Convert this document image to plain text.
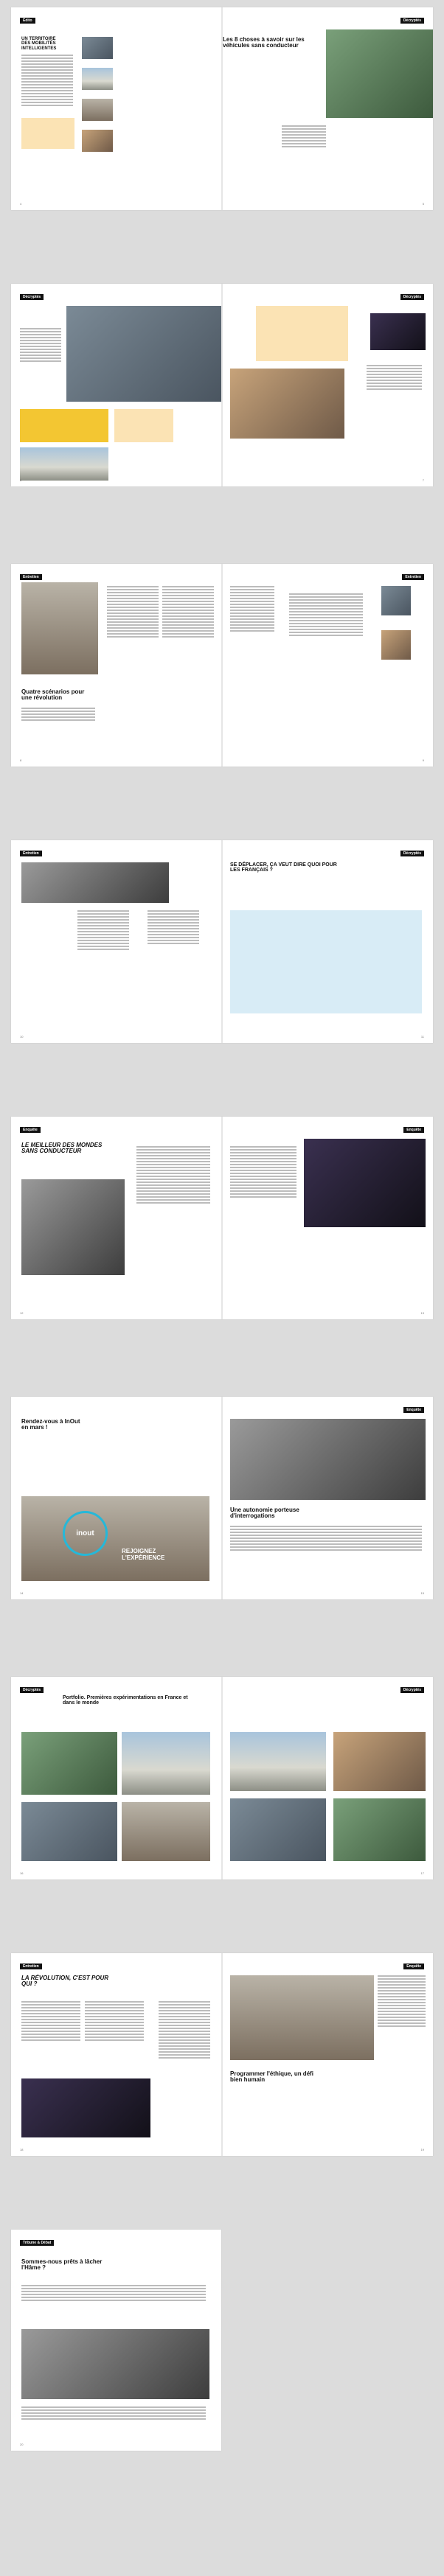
Édito
UN TERRITOIRE DES MOBILITÉS INTELLIGENTES
4
Décryptés
Les 8 choses à savoir sur les véhicules sans conducteur
5
Décryptés
6
Décryptés
7
Entretien
Quatre scénarios pour une révolution
8
Entretien
9
Entretien
10
Décryptés
SE DÉPLACER, ÇA VEUT DIRE QUOI POUR LES FRANÇAIS ?
11
Enquête
LE MEILLEUR DES MONDES SANS CONDUCTEUR
12
Enquête
13
Rendez-vous à InOut en mars !
inout
REJOIGNEZ L'EXPÉRIENCE
14
Enquête
Une autonomie porteuse d'interrogations
15
Décryptés
Portfolio. Premières expérimentations en France et dans le monde
16
Décryptés
17
Entretien
LA RÉVOLUTION, C'EST POUR QUI ?
18
Enquête
Programmer l'éthique, un défi bien humain
19
Tribune & Débat
Sommes-nous prêts à lâcher l'Hâme ?
20
